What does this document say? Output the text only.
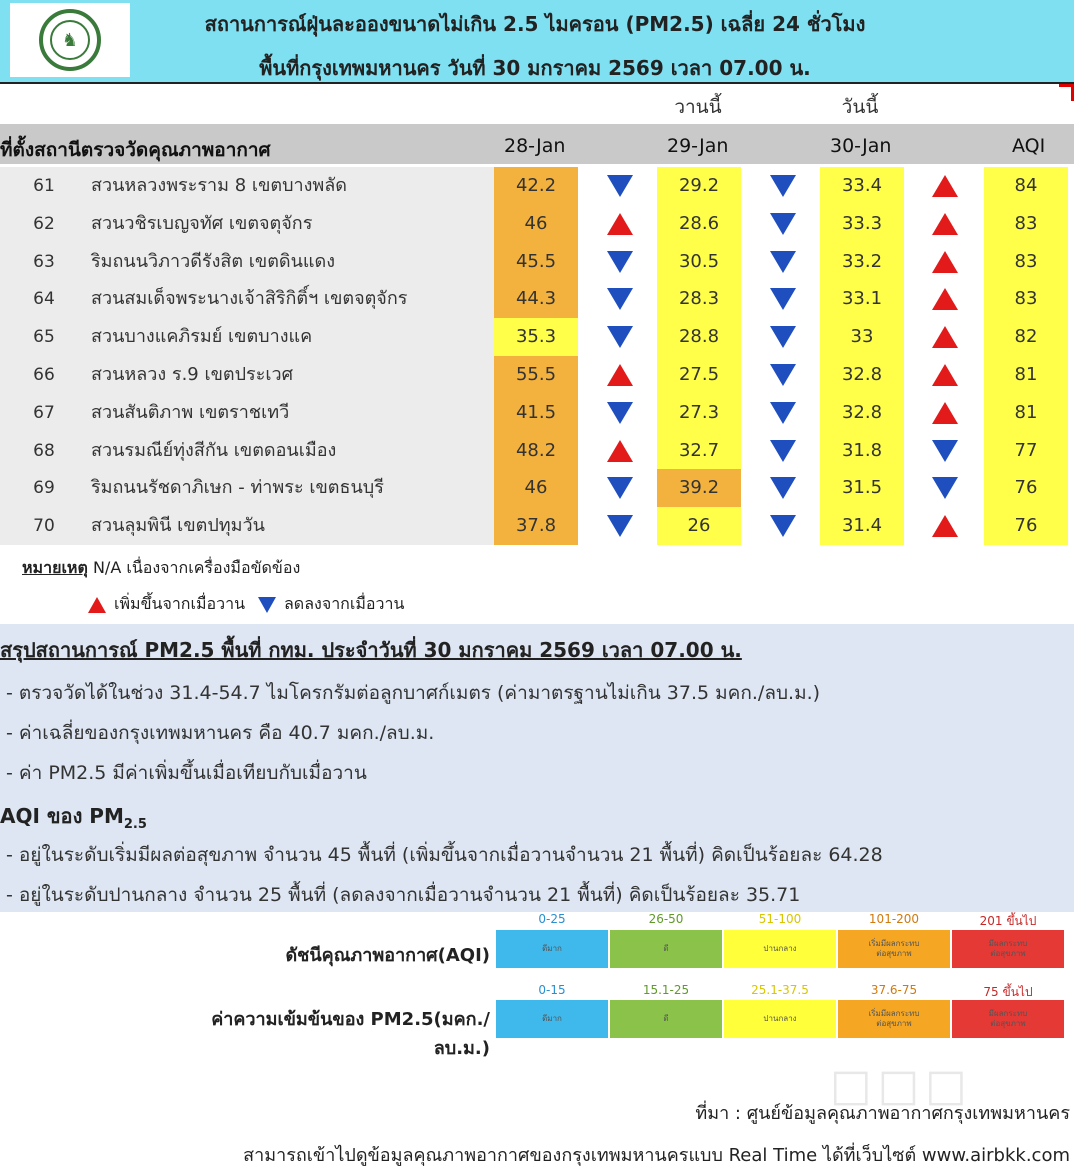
♞
สถานการณ์ฝุ่นละอองขนาดไม่เกิน 2.5 ไมครอน (PM2.5) เฉลี่ย 24 ชั่วโมง
พื้นที่กรุงเทพมหานคร วันที่ 30 มกราคม 2569 เวลา 07.00 น.
วานนี้	วันนี้
ที่ตั้งสถานีตรวจวัดคุณภาพอากาศ	28-Jan	29-Jan	30-Jan	AQI
61	สวนหลวงพระราม 8 เขตบางพลัด	42.2	29.2	33.4	84
62	สวนวชิรเบญจทัศ เขตจตุจักร	46	28.6	33.3	83
63	ริมถนนวิภาวดีรังสิต เขตดินแดง	45.5	30.5	33.2	83
64	สวนสมเด็จพระนางเจ้าสิริกิติ์ฯ เขตจตุจักร	44.3	28.3	33.1	83
65	สวนบางแคภิรมย์ เขตบางแค	35.3	28.8	33	82
66	สวนหลวง ร.9 เขตประเวศ	55.5	27.5	32.8	81
67	สวนสันติภาพ เขตราชเทวี	41.5	27.3	32.8	81
68	สวนรมณีย์ทุ่งสีกัน เขตดอนเมือง	48.2	32.7	31.8	77
69	ริมถนนรัชดาภิเษก - ท่าพระ เขตธนบุรี	46	39.2	31.5	76
70	สวนลุมพินี เขตปทุมวัน	37.8	26	31.4	76
หมายเหตุ N/A เนื่องจากเครื่องมือขัดข้อง
เพิ่มขึ้นจากเมื่อวาน ลดลงจากเมื่อวาน
สรุปสถานการณ์ PM2.5 พื้นที่ กทม. ประจำวันที่ 30 มกราคม 2569 เวลา 07.00 น.
- ตรวจวัดได้ในช่วง 31.4-54.7 ไมโครกรัมต่อลูกบาศก์เมตร (ค่ามาตรฐานไม่เกิน 37.5 มคก./ลบ.ม.)
- ค่าเฉลี่ยของกรุงเทพมหานคร คือ 40.7 มคก./ลบ.ม.
- ค่า PM2.5 มีค่าเพิ่มขึ้นเมื่อเทียบกับเมื่อวาน
AQI ของ $PM_{2.5}$
- อยู่ในระดับเริ่มมีผลต่อสุขภาพ จำนวน 45 พื้นที่ (เพิ่มขึ้นจากเมื่อวานจำนวน 21 พื้นที่) คิดเป็นร้อยละ 64.28
- อยู่ในระดับปานกลาง จำนวน 25 พื้นที่ (ลดลงจากเมื่อวานจำนวน 21 พื้นที่) คิดเป็นร้อยละ 35.71
ดัชนีคุณภาพอากาศ(AQI)
ค่าความเข้มข้นของ PM2.5(มคก./ลบ.ม.)
0-25
ดีมาก
0-15
ดีมาก
26-50
ดี
15.1-25
ดี
51-100
ปานกลาง
25.1-37.5
ปานกลาง
101-200
เริ่มมีผลกระทบ
ต่อสุขภาพ
37.6-75
เริ่มมีผลกระทบ
ต่อสุขภาพ
201 ขึ้นไป
มีผลกระทบ
ต่อสุขภาพ
75 ขึ้นไป
มีผลกระทบ
ต่อสุขภาพ
□□□
ที่มา : ศูนย์ข้อมูลคุณภาพอากาศกรุงเทพมหานคร
สามารถเข้าไปดูข้อมูลคุณภาพอากาศของกรุงเทพมหานครแบบ Real Time ได้ที่เว็บไซต์ www.airbkk.com
